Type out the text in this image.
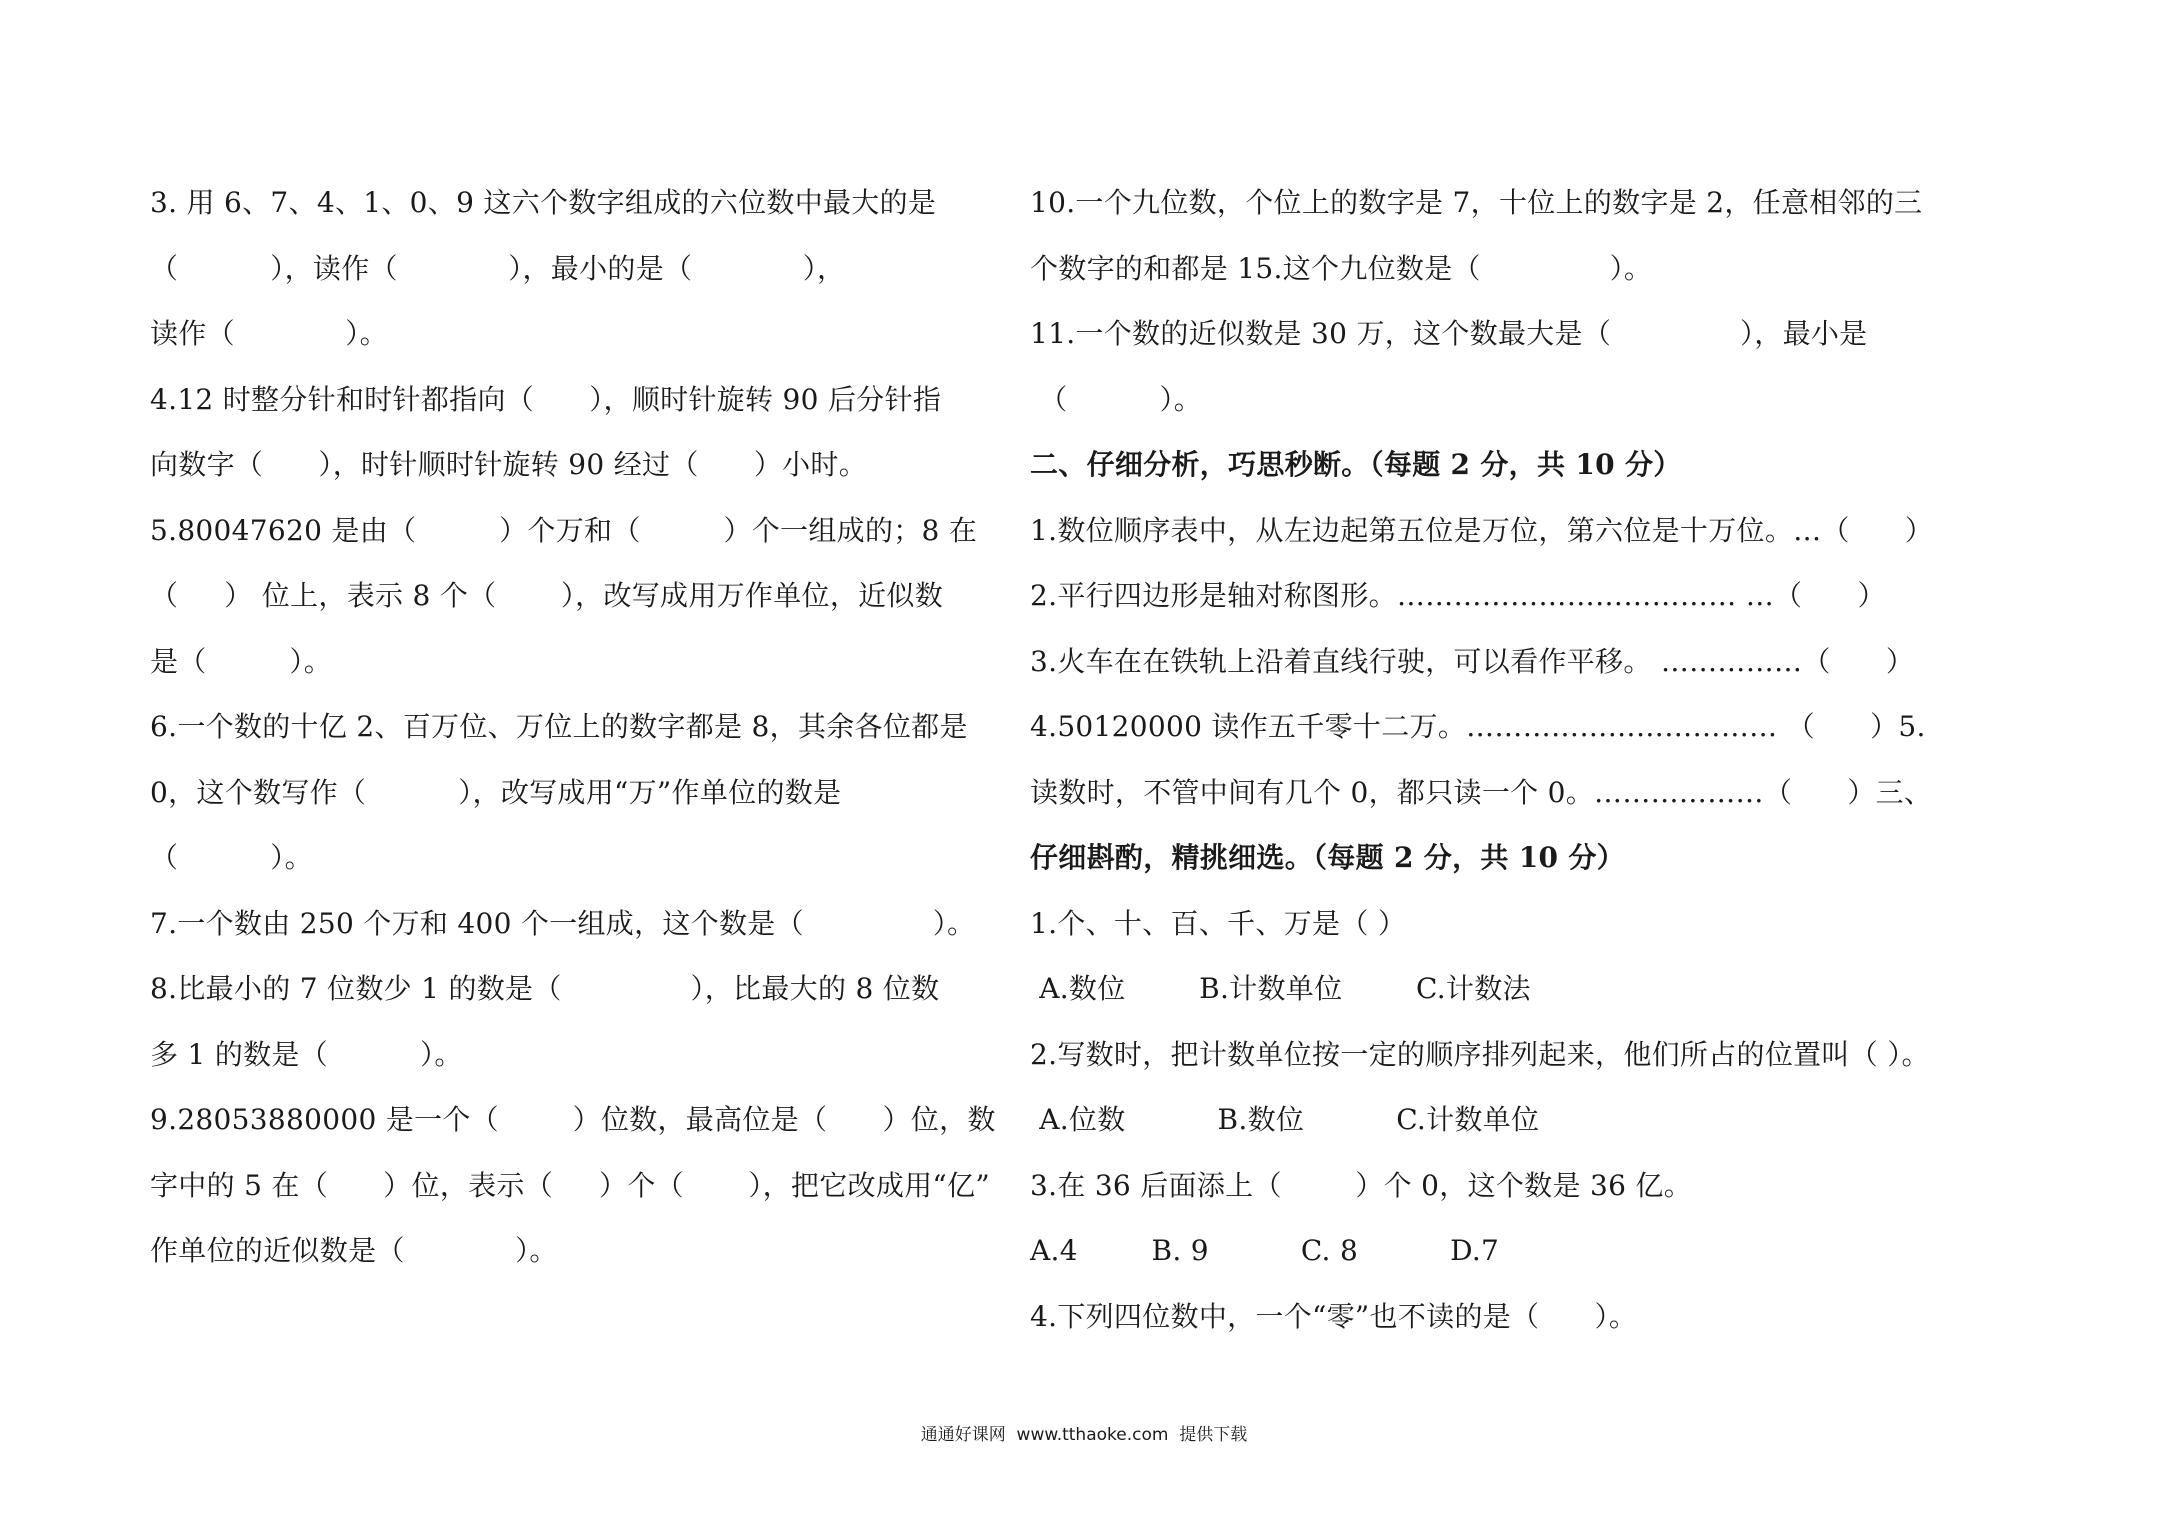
3. 用 6、7、4、1、0、9 这六个数字组成的六位数中最大的是
（          ），读作（            ），最小的是（            ），
读作（            ）。
4.12 时整分针和时针都指向（      ），顺时针旋转 90 后分针指
向数字（      ），时针顺时针旋转 90 经过（      ）小时。
5.80047620 是由（         ）个万和（         ）个一组成的；8 在
（     ） 位上，表示 8 个（       ），改写成用万作单位，近似数
是（         ）。
6.一个数的十亿 2、百万位、万位上的数字都是 8，其余各位都是
0，这个数写作（          ），改写成用“万”作单位的数是
（          ）。
7.一个数由 250 个万和 400 个一组成，这个数是（              ）。
8.比最小的 7 位数少 1 的数是（              ），比最大的 8 位数
多 1 的数是（          ）。
9.28053880000 是一个（        ）位数，最高位是（      ）位，数
字中的 5 在（      ）位，表示（     ）个（       ），把它改成用“亿”
作单位的近似数是（            ）。
10.一个九位数，个位上的数字是 7，十位上的数字是 2，任意相邻的三
个数字的和都是 15.这个九位数是（              ）。
11.一个数的近似数是 30 万，这个数最大是（              ），最小是
（          ）。
二、仔细分析，巧思秒断。（每题 2 分，共 10 分）
1.数位顺序表中，从左边起第五位是万位，第六位是十万位。…（      ）
2.平行四边形是轴对称图形。……………………………… …（      ）
3.火车在在铁轨上沿着直线行驶，可以看作平移。 ……………（      ）
4.50120000 读作五千零十二万。…………………………… （      ）5.
读数时，不管中间有几个 0，都只读一个 0。………………（      ）三、
仔细斟酌，精挑细选。（每题 2 分，共 10 分）
1.个、十、百、千、万是（ ）
A.数位        B.计数单位        C.计数法
2.写数时，把计数单位按一定的顺序排列起来，他们所占的位置叫（ ）。
A.位数          B.数位          C.计数单位
3.在 36 后面添上（        ）个 0，这个数是 36 亿。
A.4        B. 9          C. 8          D.7
4.下列四位数中，一个“零”也不读的是（      ）。
通通好课网  www.tthaoke.com  提供下载
